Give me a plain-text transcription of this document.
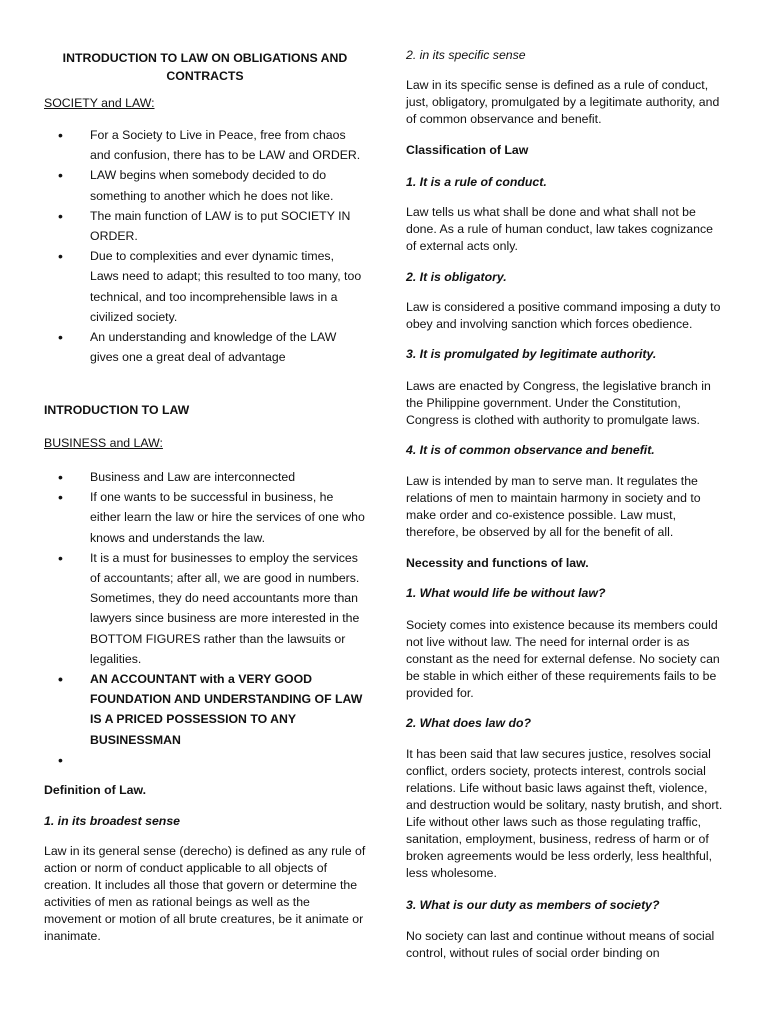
INTRODUCTION TO LAW ON OBLIGATIONS AND
CONTRACTS

SOCIETY and LAW:

• For a Society to Live in Peace, free from chaos and confusion, there has to be LAW and ORDER.
• LAW begins when somebody decided to do something to another which he does not like.
• The main function of LAW is to put SOCIETY IN ORDER.
• Due to complexities and ever dynamic times, Laws need to adapt; this resulted to too many, too technical, and too incomprehensible laws in a civilized society.
• An understanding and knowledge of the LAW gives one a great deal of advantage

INTRODUCTION TO LAW

BUSINESS and LAW:

• Business and Law are interconnected
• If one wants to be successful in business, he either learn the law or hire the services of one who knows and understands the law.
• It is a must for businesses to employ the services of accountants; after all, we are good in numbers. Sometimes, they do need accountants more than lawyers since business are more interested in the BOTTOM FIGURES rather than the lawsuits or legalities.
• AN ACCOUNTANT with a VERY GOOD FOUNDATION AND UNDERSTANDING OF LAW IS A PRICED POSSESSION TO ANY BUSINESSMAN
•

Definition of Law.

1. in its broadest sense

Law in its general sense (derecho) is defined as any rule of action or norm of conduct applicable to all objects of creation. It includes all those that govern or determine the activities of men as rational beings as well as the movement or motion of all brute creatures, be it animate or inanimate.

2. in its specific sense

Law in its specific sense is defined as a rule of conduct, just, obligatory, promulgated by a legitimate authority, and of common observance and benefit.

Classification of Law

1. It is a rule of conduct.

Law tells us what shall be done and what shall not be done. As a rule of human conduct, law takes cognizance of external acts only.

2. It is obligatory.

Law is considered a positive command imposing a duty to obey and involving sanction which forces obedience.

3. It is promulgated by legitimate authority.

Laws are enacted by Congress, the legislative branch in the Philippine government. Under the Constitution, Congress is clothed with authority to promulgate laws.

4. It is of common observance and benefit.

Law is intended by man to serve man. It regulates the relations of men to maintain harmony in society and to make order and co-existence possible. Law must, therefore, be observed by all for the benefit of all.

Necessity and functions of law.

1. What would life be without law?

Society comes into existence because its members could not live without law. The need for internal order is as constant as the need for external defense. No society can be stable in which either of these requirements fails to be provided for.

2. What does law do?

It has been said that law secures justice, resolves social conflict, orders society, protects interest, controls social relations. Life without basic laws against theft, violence, and destruction would be solitary, nasty brutish, and short. Life without other laws such as those regulating traffic, sanitation, employment, business, redress of harm or of broken agreements would be less orderly, less healthful, less wholesome.

3. What is our duty as members of society?

No society can last and continue without means of social control, without rules of social order binding on
